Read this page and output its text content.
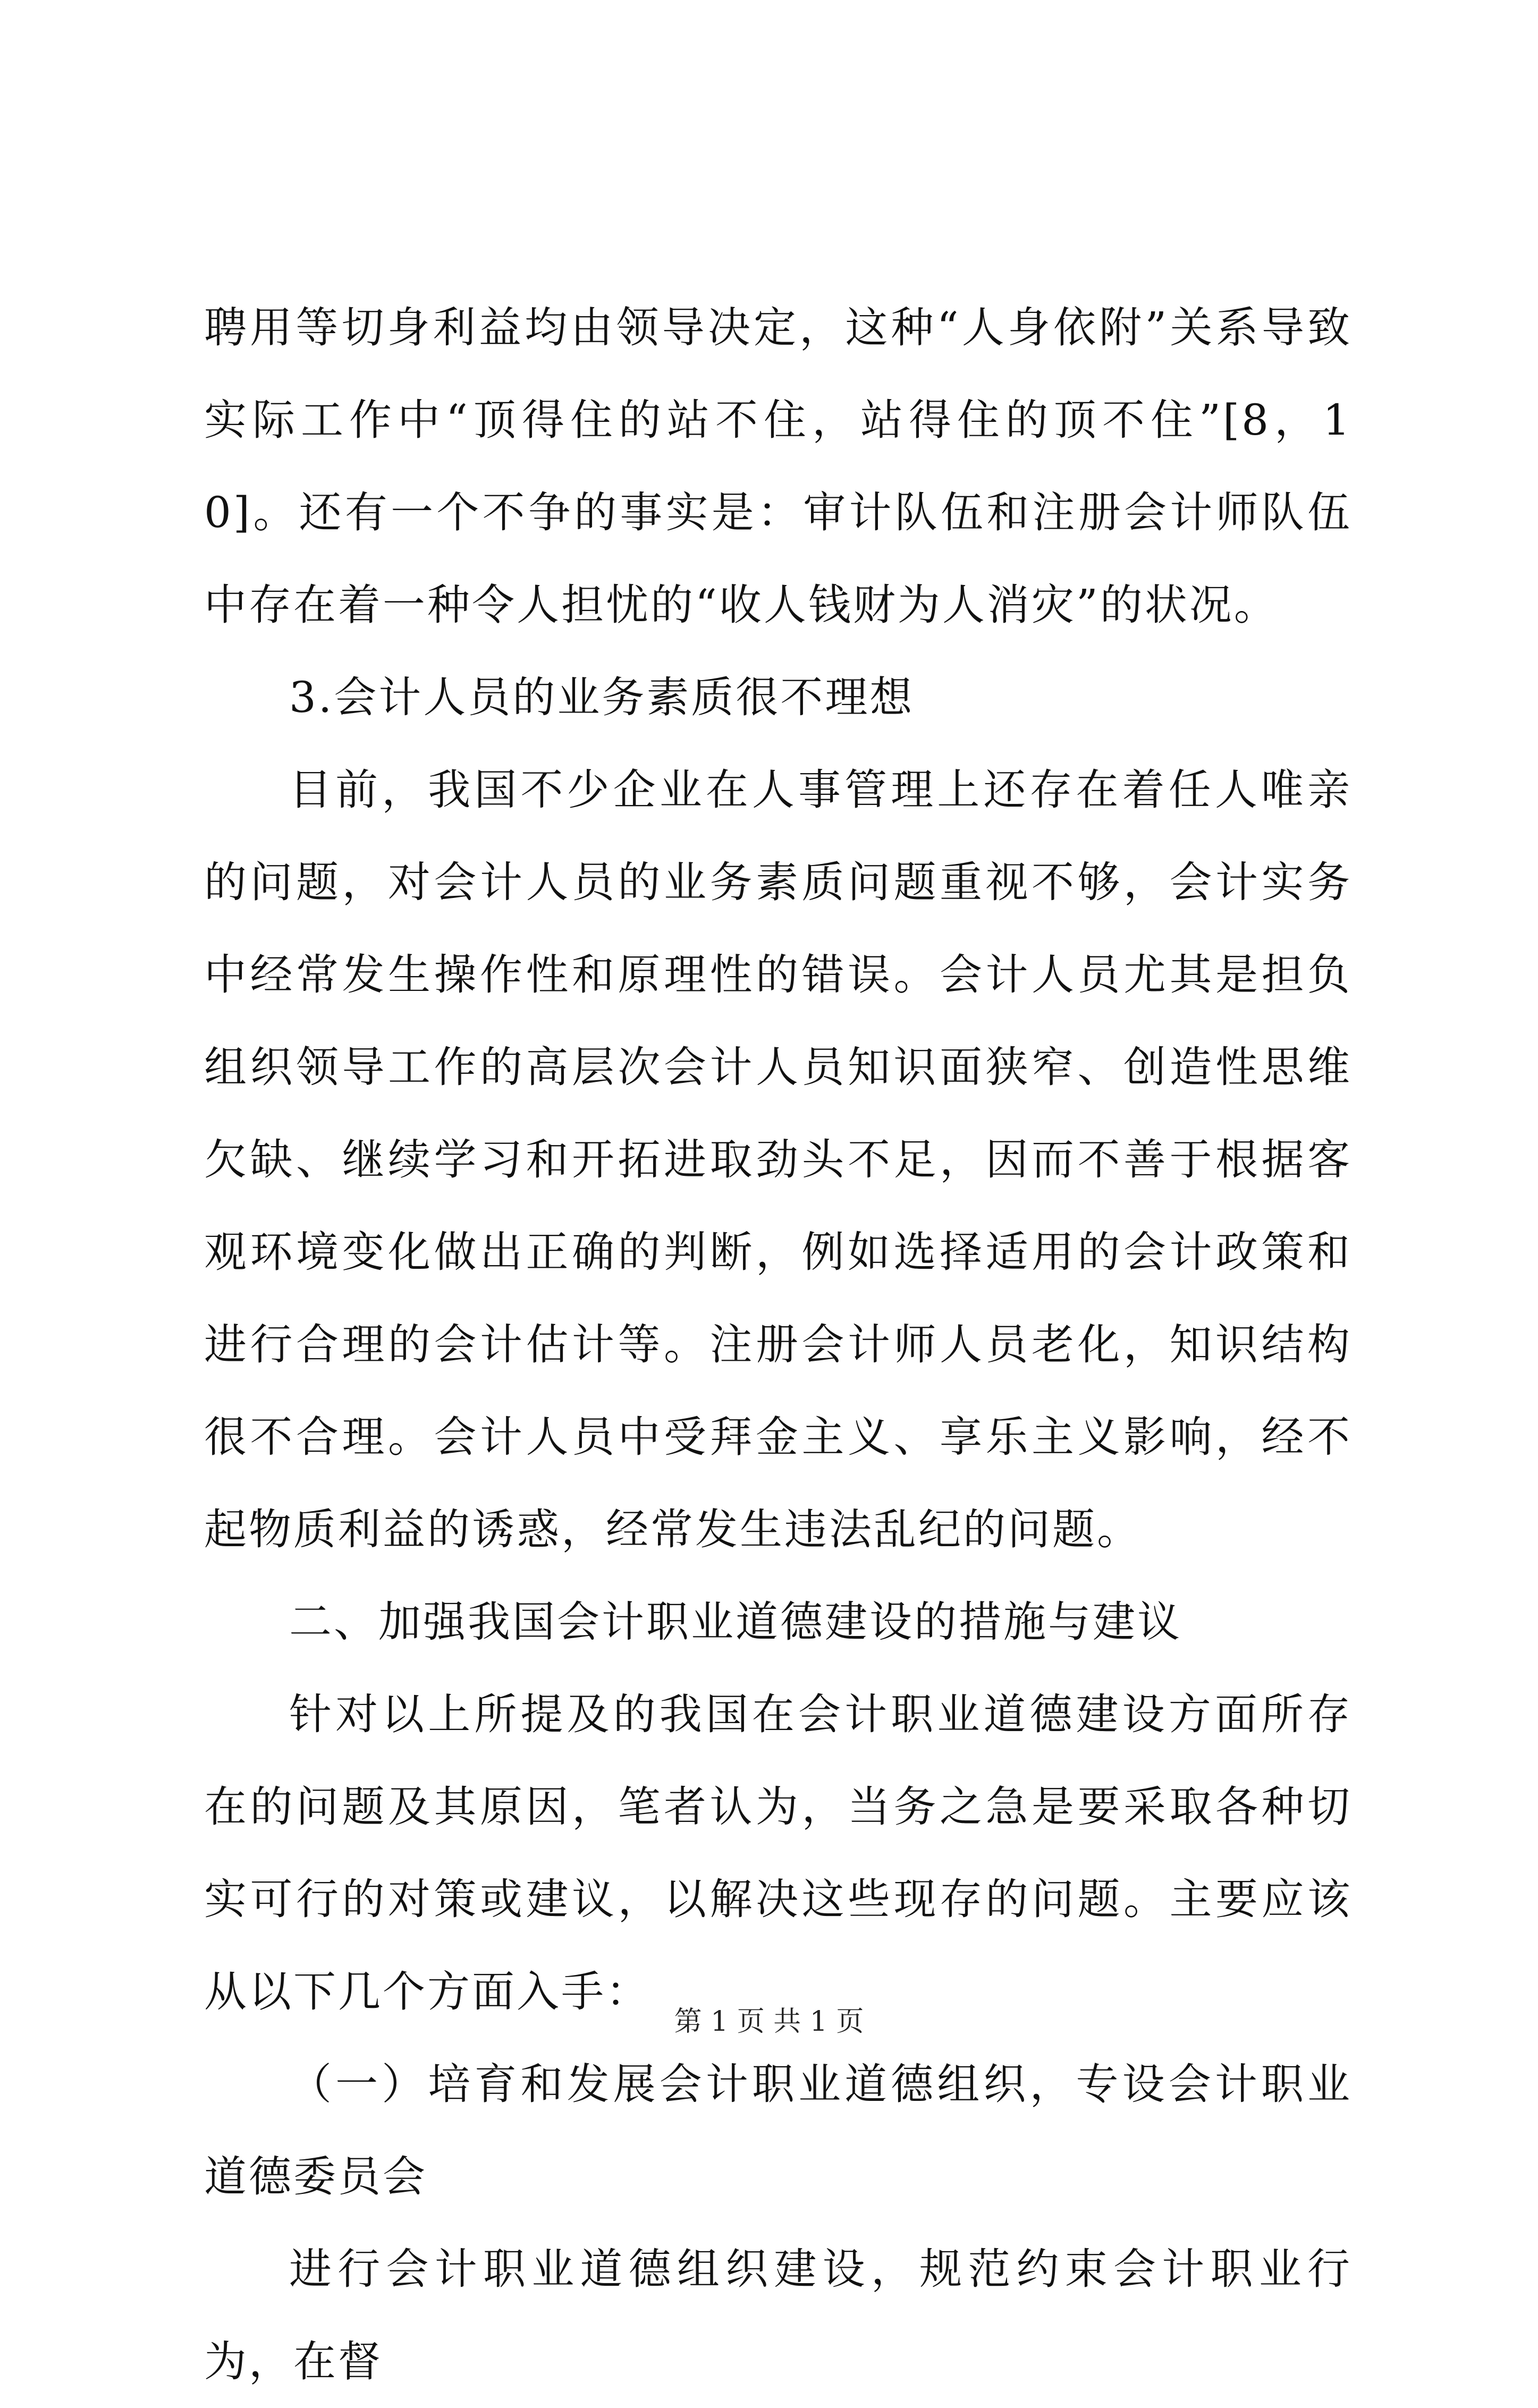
聘用等切身利益均由领导决定，这种“人身依附”关系导致实际工作中“顶得住的站不住，站得住的顶不住”[8，10]。还有一个不争的事实是：审计队伍和注册会计师队伍中存在着一种令人担忧的“收人钱财为人消灾”的状况。

3.会计人员的业务素质很不理想

目前，我国不少企业在人事管理上还存在着任人唯亲的问题，对会计人员的业务素质问题重视不够，会计实务中经常发生操作性和原理性的错误。会计人员尤其是担负组织领导工作的高层次会计人员知识面狭窄、创造性思维欠缺、继续学习和开拓进取劲头不足，因而不善于根据客观环境变化做出正确的判断，例如选择适用的会计政策和进行合理的会计估计等。注册会计师人员老化，知识结构很不合理。会计人员中受拜金主义、享乐主义影响，经不起物质利益的诱惑，经常发生违法乱纪的问题。

二、加强我国会计职业道德建设的措施与建议

针对以上所提及的我国在会计职业道德建设方面所存在的问题及其原因，笔者认为，当务之急是要采取各种切实可行的对策或建议，以解决这些现存的问题。主要应该从以下几个方面入手：

（一）培育和发展会计职业道德组织，专设会计职业道德委员会

进行会计职业道德组织建设，规范约束会计职业行为，在督

第 1 页 共 1 页
